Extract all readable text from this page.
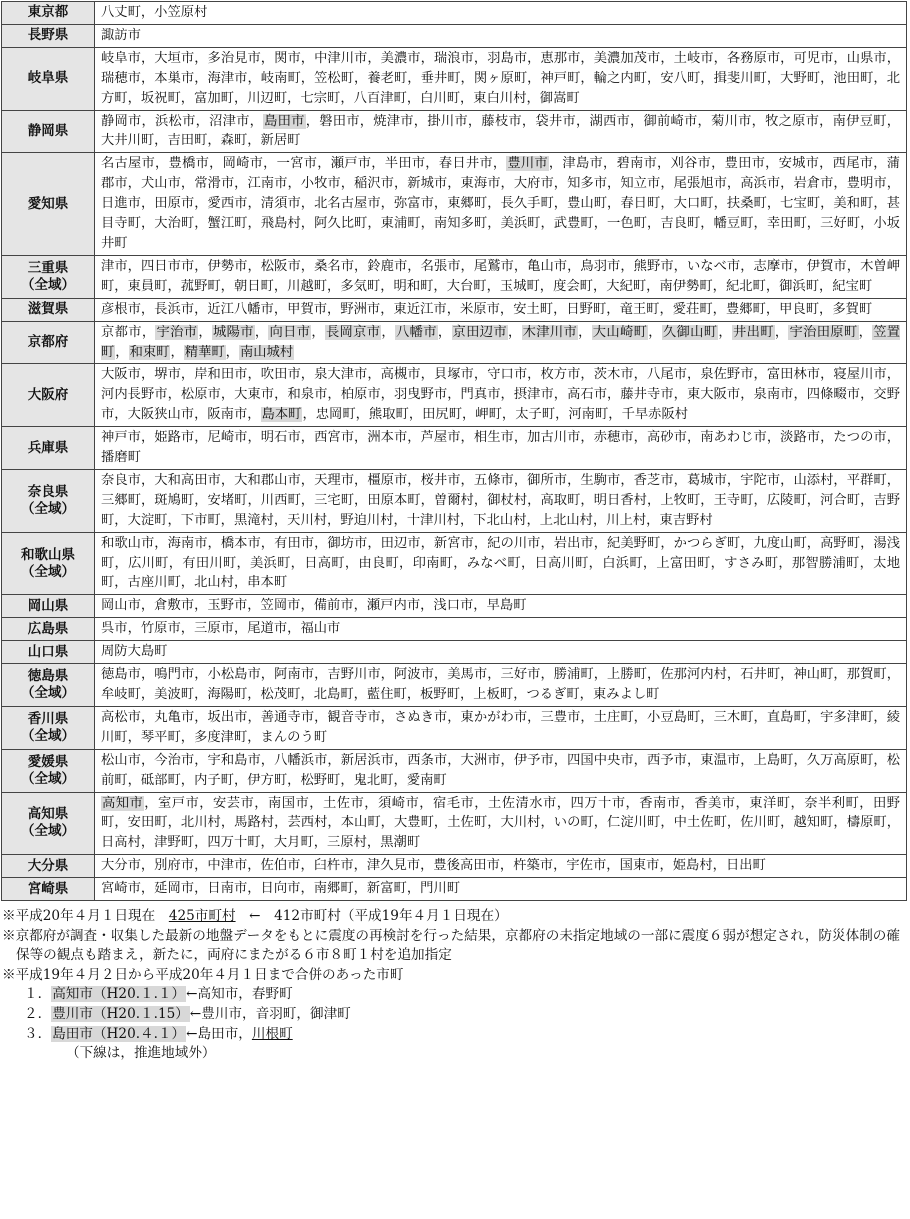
東京都	八丈町，小笠原村

長野県	諏訪市

岐阜県	岐阜市，大垣市，多治見市，関市，中津川市，美濃市，瑞浪市，羽島市，恵那市，美濃加茂市，土岐市，各務原市，可児市，山県市，瑞穂市，本巣市，海津市，岐南町，笠松町，養老町，垂井町，関ヶ原町，神戸町，輪之内町，安八町，揖斐川町，大野町，池田町，北方町，坂祝町，富加町，川辺町，七宗町，八百津町，白川町，東白川村，御嵩町

静岡県	静岡市，浜松市，沼津市，島田市，磐田市，焼津市，掛川市，藤枝市，袋井市，湖西市，御前崎市，菊川市，牧之原市，南伊豆町，大井川町，吉田町，森町，新居町

愛知県	名古屋市，豊橋市，岡崎市，一宮市，瀬戸市，半田市，春日井市，豊川市，津島市，碧南市，刈谷市，豊田市，安城市，西尾市，蒲郡市，犬山市，常滑市，江南市，小牧市，稲沢市，新城市，東海市，大府市，知多市，知立市，尾張旭市，高浜市，岩倉市，豊明市，日進市，田原市，愛西市，清須市，北名古屋市，弥富市，東郷町，長久手町，豊山町，春日町，大口町，扶桑町，七宝町，美和町，甚目寺町，大治町，蟹江町，飛島村，阿久比町，東浦町，南知多町，美浜町，武豊町，一色町，吉良町，幡豆町，幸田町，三好町，小坂井町

三重県
（全域）	津市，四日市市，伊勢市，松阪市，桑名市，鈴鹿市，名張市，尾鷲市，亀山市，鳥羽市，熊野市，いなべ市，志摩市，伊賀市，木曽岬町，東員町，菰野町，朝日町，川越町，多気町，明和町，大台町，玉城町，度会町，大紀町，南伊勢町，紀北町，御浜町，紀宝町

滋賀県	彦根市，長浜市，近江八幡市，甲賀市，野洲市，東近江市，米原市，安土町，日野町，竜王町，愛荘町，豊郷町，甲良町，多賀町

京都府	京都市，宇治市，城陽市，向日市，長岡京市，八幡市，京田辺市，木津川市，大山崎町，久御山町，井出町，宇治田原町，笠置町，和束町，精華町，南山城村

大阪府	大阪市，堺市，岸和田市，吹田市，泉大津市，高槻市，貝塚市，守口市，枚方市，茨木市，八尾市，泉佐野市，富田林市，寝屋川市，河内長野市，松原市，大東市，和泉市，柏原市，羽曳野市，門真市，摂津市，高石市，藤井寺市，東大阪市，泉南市，四條畷市，交野市，大阪狭山市，阪南市，島本町，忠岡町，熊取町，田尻町，岬町，太子町，河南町，千早赤阪村

兵庫県	神戸市，姫路市，尼崎市，明石市，西宮市，洲本市，芦屋市，相生市，加古川市，赤穂市，高砂市，南あわじ市，淡路市，たつの市，播磨町

奈良県
（全域）	奈良市，大和高田市，大和郡山市，天理市，橿原市，桜井市，五條市，御所市，生駒市，香芝市，葛城市，宇陀市，山添村，平群町，三郷町，斑鳩町，安堵町，川西町，三宅町，田原本町，曽爾村，御杖村，高取町，明日香村，上牧町，王寺町，広陵町，河合町，吉野町，大淀町，下市町，黒滝村，天川村，野迫川村，十津川村，下北山村，上北山村，川上村，東吉野村

和歌山県
（全域）	和歌山市，海南市，橋本市，有田市，御坊市，田辺市，新宮市，紀の川市，岩出市，紀美野町，かつらぎ町，九度山町，高野町，湯浅町，広川町，有田川町，美浜町，日高町，由良町，印南町，みなべ町，日高川町，白浜町，上富田町，すさみ町，那智勝浦町，太地町，古座川町，北山村，串本町

岡山県	岡山市，倉敷市，玉野市，笠岡市，備前市，瀬戸内市，浅口市，早島町

広島県	呉市，竹原市，三原市，尾道市，福山市

山口県	周防大島町

徳島県
（全域）	徳島市，鳴門市，小松島市，阿南市，吉野川市，阿波市，美馬市，三好市，勝浦町，上勝町，佐那河内村，石井町，神山町，那賀町，牟岐町，美波町，海陽町，松茂町，北島町，藍住町，板野町，上板町，つるぎ町，東みよし町

香川県
（全域）	高松市，丸亀市，坂出市，善通寺市，観音寺市，さぬき市，東かがわ市，三豊市，土庄町，小豆島町，三木町，直島町，宇多津町，綾川町，琴平町，多度津町，まんのう町

愛媛県
（全域）	松山市，今治市，宇和島市，八幡浜市，新居浜市，西条市，大洲市，伊予市，四国中央市，西予市，東温市，上島町，久万高原町，松前町，砥部町，内子町，伊方町，松野町，鬼北町，愛南町

高知県
（全域）	高知市，室戸市，安芸市，南国市，土佐市，須崎市，宿毛市，土佐清水市，四万十市，香南市，香美市，東洋町，奈半利町，田野町，安田町，北川村，馬路村，芸西村，本山町，大豊町，土佐町，大川村，いの町，仁淀川町，中土佐町，佐川町，越知町，檮原町，日高村，津野町，四万十町，大月町，三原村，黒潮町

大分県	大分市，別府市，中津市，佐伯市，臼杵市，津久見市，豊後高田市，杵築市，宇佐市，国東市，姫島村，日出町

宮崎県	宮崎市，延岡市，日南市，日向市，南郷町，新富町，門川町
※平成20年４月１日現在　425市町村　←　412市町村（平成19年４月１日現在）
※京都府が調査・収集した最新の地盤データをもとに震度の再検討を行った結果，京都府の未指定地域の一部に震度６弱が想定され，防災体制の確保等の観点も踏まえ，新たに，両府にまたがる６市８町１村を追加指定
※平成19年４月２日から平成20年４月１日まで合併のあった市町
１．高知市（H20.１.１）←高知市，春野町
２．豊川市（H20.１.15）←豊川市，音羽町，御津町
３．島田市（H20.４.１）←島田市，川根町
（下線は，推進地域外）
